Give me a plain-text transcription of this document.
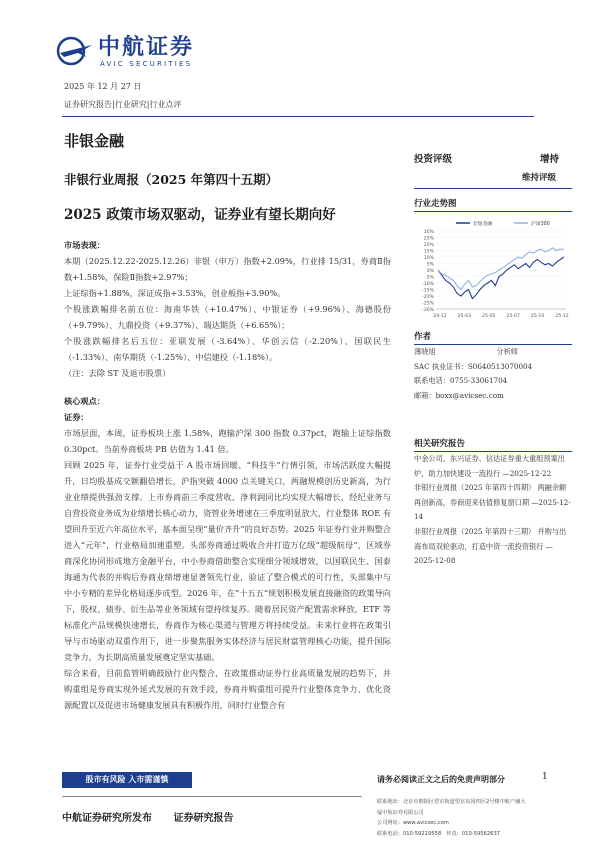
中航证券
AVIC SECURITIES
2025 年 12 月 27 日
证券研究报告|行业研究|行业点评
非银金融
非银行业周报（2025 年第四十五期）
2025 政策市场双驱动，证券业有望长期向好
投资评级	增持
维持评级

市场表现：

本期（2025.12.22-2025.12.26）非银（申万）指数+2.09%，行业排 15/31，券商Ⅱ指数+1.58%，保险Ⅱ指数+2.97%；

上证综指+1.88%，深证成指+3.53%，创业板指+3.90%。

个股涨跌幅排名前五位：海南华铁（+10.47%）、中银证券（+9.96%）、海德股份（+9.79%）、九鼎投资（+9.37%）、瑞达期货（+6.65%）；

个股涨跌幅排名后五位：亚联发展（-3.64%）、华创云信（-2.20%）、国联民生（-1.33%）、南华期货（-1.25%）、中信建投（-1.18%）。

（注：去除 ST 及退市股票）

核心观点：

证券：

市场层面，本周，证券板块上涨 1.58%，跑输沪深 300 指数 0.37pct，跑输上证综指数 0.30pct。当前券商板块 PB 估值为 1.41 倍。

回顾 2025 年，证券行业受益于 A 股市场回暖、“科技牛”行情引领，市场活跃度大幅提升，日均股基成交额翻倍增长，沪指突破 4000 点关键关口，两融规模创历史新高，为行业业绩提供强劲支撑。上市券商前三季度营收、净利润同比均实现大幅增长，经纪业务与自营投资业务成为业绩增长核心动力，资管业务增速在三季度明显放大，行业整体 ROE 有望回升至近六年高位水平，基本面呈现“量价齐升”的良好态势。2025 年证券行业并购整合进入“元年”，行业格局加速重塑。头部券商通过吸收合并打造万亿级“超级航母”，区域券商深化协同形成地方金融平台，中小券商借助整合实现细分领域增效，以国联民生、国泰海通为代表的并购后券商业绩增速显著领先行业，验证了整合模式的可行性，头部集中与中小专精的差异化格局逐步成型。2026 年，在“十五五”规划积极发展直接融资的政策导向下，股权、债券、衍生品等业务领域有望持续复苏。随着居民资产配置需求释放，ETF 等标准化产品规模快速增长，券商作为核心渠道与管理方将持续受益。未来行业将在政策引导与市场驱动双重作用下，进一步聚焦服务实体经济与居民财富管理核心功能，提升国际竞争力，为长期高质量发展奠定坚实基础。

综合来看，目前监管明确鼓励行业内整合，在政策推动证券行业高质量发展的趋势下，并购重组是券商实现外延式发展的有效手段，券商并购重组可提升行业整体竞争力、优化资源配置以及促进市场健康发展具有积极作用，同时行业整合有

行业走势图
30%
25%
20%
15%
10%
5%
0%
-5%
-10%
-15%
-20%
-25%
-30%
24-12 25-03 25-05 25-07 25-10 25-12
非银金融	沪深300
作者
薄晓旭	分析师

SAC 执业证书：S0640513070004

联系电话：0755-33061704

邮箱：boxx@avicsec.com

相关研究报告

中金公司、东兴证券、信达证券重大重组预案出炉，助力加快建设一流投行 —2025-12-22

非银行业周报（2025 年第四十四期） 两融余额再创新高，券商迎来估值修复窗口期 —2025-12-14

非银行业周报（2025 年第四十三期） 并购与出海布局双轮驱动，打造中资一流投资银行 —2025-12-08

股市有风险 入市需谨慎	请务必阅读正文之后的免责声明部分	1
中航证券研究所发布 证券研究报告
联系地址：北京市朝阳区望京街道望京东园四区2号楼中航产融大
厦中航证券有限公司
公司网址：www.avicsec.com
联系电话：010-59219558　传真：010-59562637
